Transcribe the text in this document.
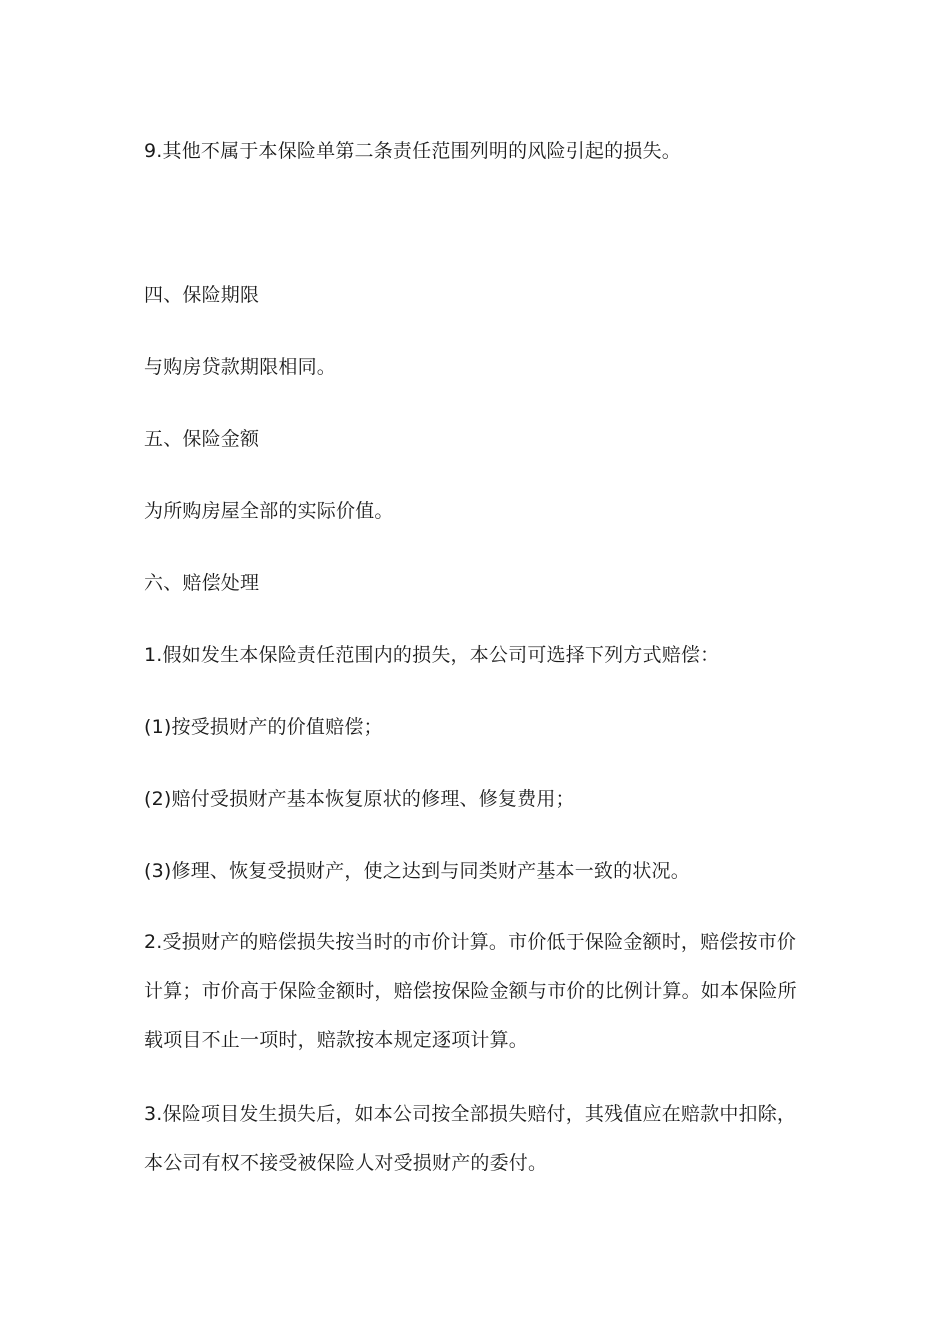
9.其他不属于本保险单第二条责任范围列明的风险引起的损失。
四、保险期限
与购房贷款期限相同。
五、保险金额
为所购房屋全部的实际价值。
六、赔偿处理
1.假如发生本保险责任范围内的损失，本公司可选择下列方式赔偿：
(1)按受损财产的价值赔偿；
(2)赔付受损财产基本恢复原状的修理、修复费用；
(3)修理、恢复受损财产，使之达到与同类财产基本一致的状况。
2.受损财产的赔偿损失按当时的市价计算。市价低于保险金额时，赔偿按市价计算；市价高于保险金额时，赔偿按保险金额与市价的比例计算。如本保险所载项目不止一项时，赔款按本规定逐项计算。
3.保险项目发生损失后，如本公司按全部损失赔付，其残值应在赔款中扣除，本公司有权不接受被保险人对受损财产的委付。
